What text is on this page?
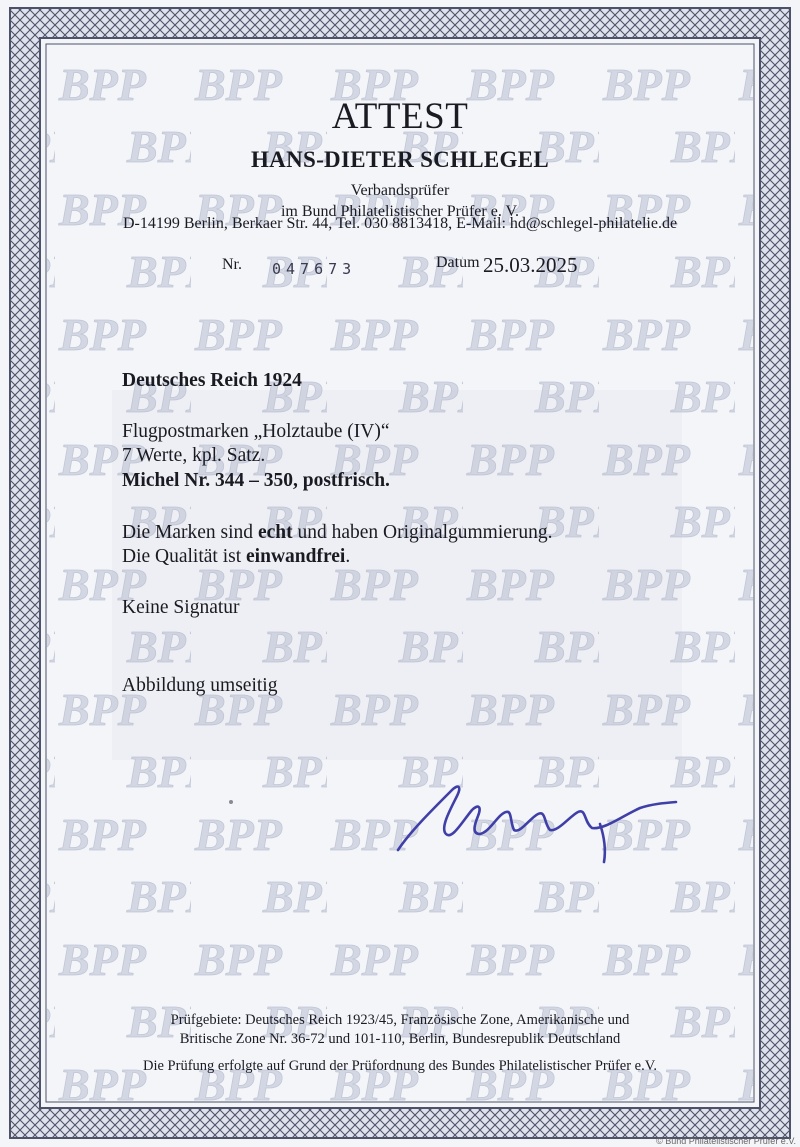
ATTEST
HANS-DIETER SCHLEGEL
Verbandsprüfer
im Bund Philatelistischer Prüfer e. V.
D-14199 Berlin, Berkaer Str. 44, Tel. 030 8813418, E-Mail: hd@schlegel-philatelie.de
Nr. 047673	Datum 25.03.2025
Deutsches Reich 1924
Flugpostmarken „Holztaube (IV)“
7 Werte, kpl. Satz.
Michel Nr. 344 – 350, postfrisch.
Die Marken sind echt und haben Originalgummierung.
Die Qualität ist einwandfrei.
Keine Signatur
Abbildung umseitig
Prüfgebiete: Deutsches Reich 1923/45, Französische Zone, Amerikanische und
Britische Zone Nr. 36-72 und 101-110, Berlin, Bundesrepublik Deutschland
Die Prüfung erfolgte auf Grund der Prüfordnung des Bundes Philatelistischer Prüfer e.V.
© Bund Philatelistischer Prüfer e.V.
